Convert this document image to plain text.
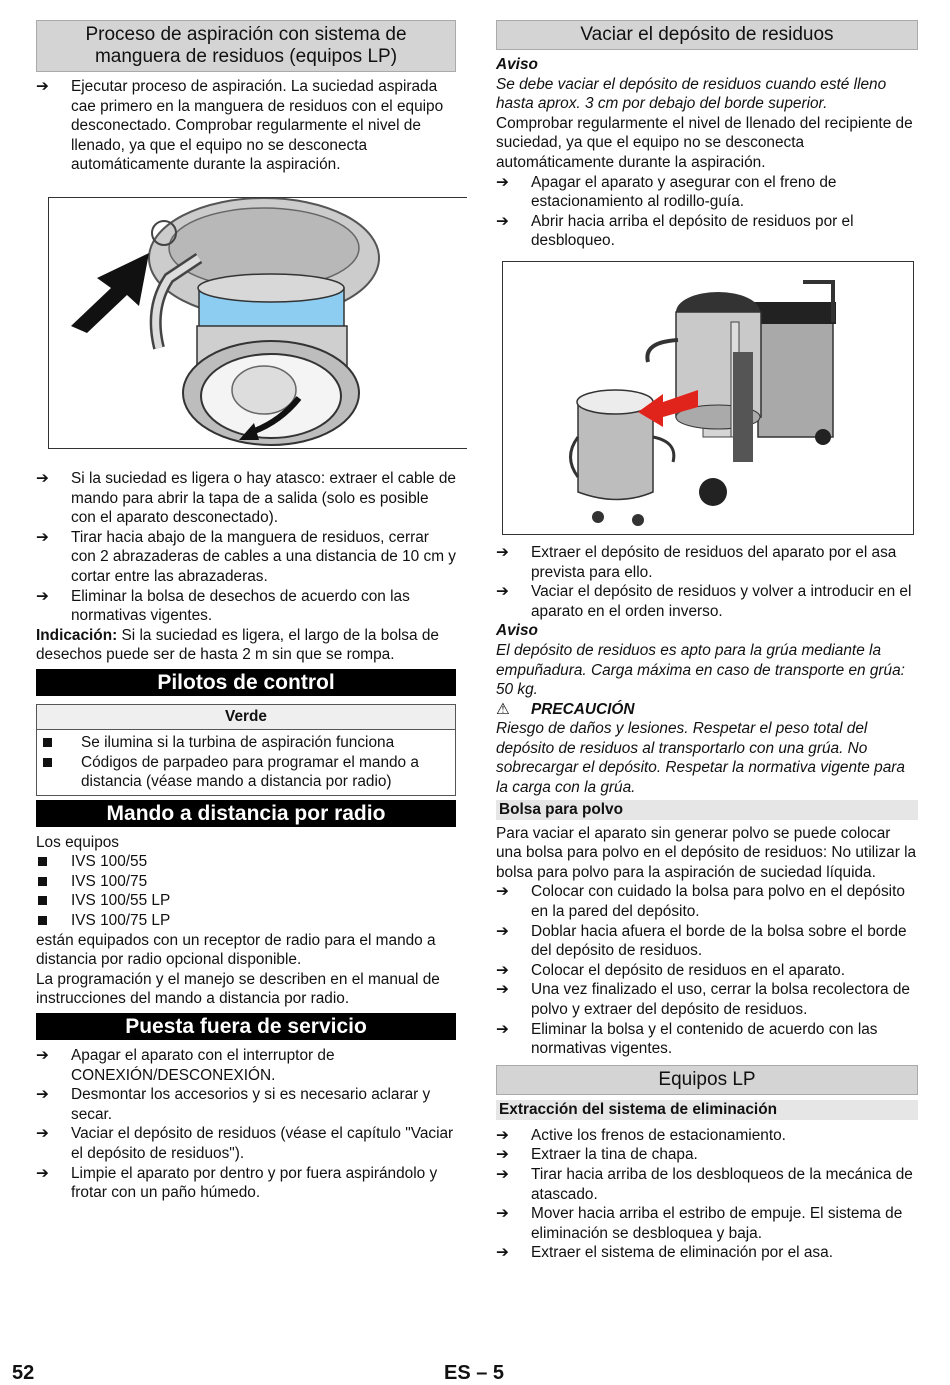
Proceso de aspiración con sistema de manguera de residuos (equipos LP)
➔	Ejecutar proceso de aspiración. La suciedad aspirada cae primero en la manguera de residuos con el equipo desconectado. Comprobar regularmente el nivel de llenado, ya que el equipo no se desconecta automáticamente durante la aspiración.
➔	Si la suciedad es ligera o hay atasco: extraer el cable de mando para abrir la tapa de a salida (solo es posible con el aparato desconectado).
➔	Tirar hacia abajo de la manguera de residuos, cerrar con 2 abrazaderas de cables a una distancia de 10 cm y cortar entre las abrazaderas.
➔	Eliminar la bolsa de desechos de acuerdo con las normativas vigentes.

Indicación: Si la suciedad es ligera, el largo de la bolsa de desechos puede ser de hasta 2 m sin que se rompa.

Pilotos de control
Verde
Se ilumina si la turbina de aspiración funciona
Códigos de parpadeo para programar el mando a distancia (véase mando a distancia por radio)
Mando a distancia por radio

Los equipos

IVS 100/55
IVS 100/75
IVS 100/55 LP
IVS 100/75 LP

están equipados con un receptor de radio para el mando a distancia por radio opcional disponible.

La programación y el manejo se describen en el manual de instrucciones del mando a distancia por radio.

Puesta fuera de servicio
➔	Apagar el aparato con el interruptor de CONEXIÓN/DESCONEXIÓN.
➔	Desmontar los accesorios y si es necesario aclarar y secar.
➔	Vaciar el depósito de residuos (véase el capítulo "Vaciar el depósito de residuos").
➔	Limpie el aparato por dentro y por fuera aspirándolo y frotar con un paño húmedo.
Vaciar el depósito de residuos

Aviso

Se debe vaciar el depósito de residuos cuando esté lleno hasta aprox. 3 cm por debajo del borde superior.

Comprobar regularmente el nivel de llenado del recipiente de suciedad, ya que el equipo no se desconecta automáticamente durante la aspiración.

➔	Apagar el aparato y asegurar con el freno de estacionamiento al rodillo-guía.
➔	Abrir hacia arriba el depósito de residuos por el desbloqueo.
➔	Extraer el depósito de residuos del aparato por el asa prevista para ello.
➔	Vaciar el depósito de residuos y volver a introducir en el aparato en el orden inverso.

Aviso

El depósito de residuos es apto para la grúa mediante la empuñadura. Carga máxima en caso de transporte en grúa: 50 kg.

⚠ PRECAUCIÓN

Riesgo de daños y lesiones. Respetar el peso total del depósito de residuos al transportarlo con una grúa. No sobrecargar el depósito. Respetar la normativa vigente para la carga con la grúa.

Bolsa para polvo

Para vaciar el aparato sin generar polvo se puede colocar una bolsa para polvo en el depósito de residuos: No utilizar la bolsa para polvo para la aspiración de suciedad líquida.

➔	Colocar con cuidado la bolsa para polvo en el depósito en la pared del depósito.
➔	Doblar hacia afuera el borde de la bolsa sobre el borde del depósito de residuos.
➔	Colocar el depósito de residuos en el aparato.
➔	Una vez finalizado el uso, cerrar la bolsa recolectora de polvo y extraer del depósito de residuos.
➔	Eliminar la bolsa y el contenido de acuerdo con las normativas vigentes.
Equipos LP
Extracción del sistema de eliminación
➔	Active los frenos de estacionamiento.
➔	Extraer la tina de chapa.
➔	Tirar hacia arriba de los desbloqueos de la mecánica de atascado.
➔	Mover hacia arriba el estribo de empuje. El sistema de eliminación se desbloquea y baja.
➔	Extraer el sistema de eliminación por el asa.
52	ES – 5
